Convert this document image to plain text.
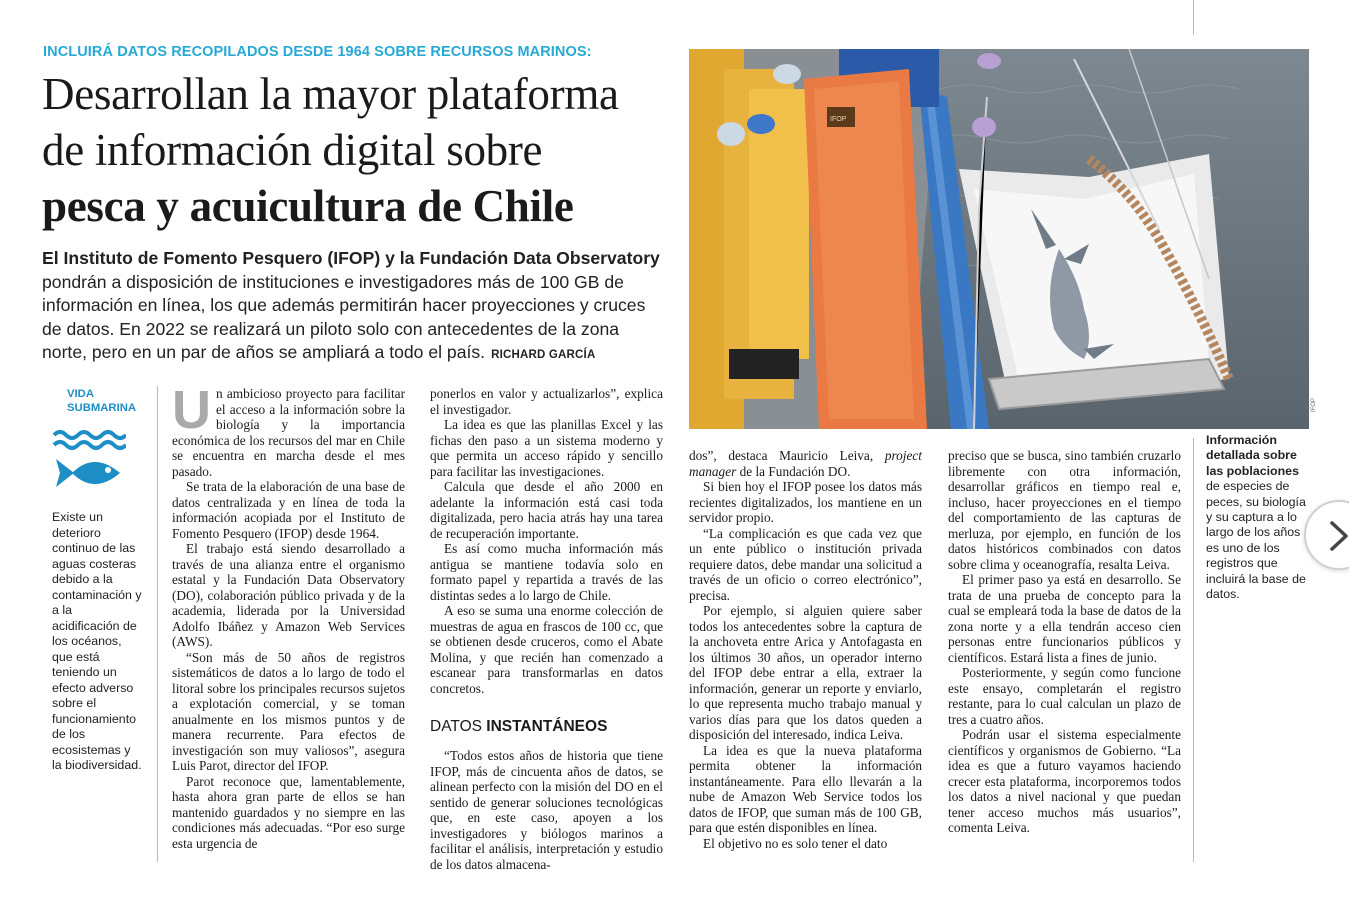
INCLUIRÁ DATOS RECOPILADOS DESDE 1964 SOBRE RECURSOS MARINOS:
Desarrollan la mayor plataforma
de información digital sobre
pesca y acuicultura de Chile
El Instituto de Fomento Pesquero (IFOP) y la Fundación Data Observatory pondrán a disposición de instituciones e investigadores más de 100 GB de información en línea, los que además permitirán hacer proyecciones y cruces de datos. En 2022 se realizará un piloto solo con antecedentes de la zona norte, pero en un par de años se ampliará a todo el país. RICHARD GARCÍA
IFOP
IFOP
Información detallada sobre las poblaciones de especies de peces, su biología y su captura a lo largo de los años es uno de los registros que incluirá la base de datos.
VIDA SUBMARINA
Existe un deterioro continuo de las aguas costeras debido a la contaminación y a la acidificación de los océanos, que está teniendo un efecto adverso sobre el funcionamiento de los ecosistemas y la biodiversidad.

Un ambicioso proyecto para facilitar el acceso a la información sobre la biología y la importancia económica de los recursos del mar en Chile se encuentra en marcha desde el mes pasado.

Se trata de la elaboración de una base de datos centralizada y en línea de toda la información acopiada por el Instituto de Fomento Pesquero (IFOP) desde 1964.

El trabajo está siendo desarrollado a través de una alianza entre el organismo estatal y la Fundación Data Observatory (DO), colaboración público privada y de la academia, liderada por la Universidad Adolfo Ibáñez y Amazon Web Services (AWS).

“Son más de 50 años de registros sistemáticos de datos a lo largo de todo el litoral sobre los principales recursos sujetos a explotación comercial, y se toman anualmente en los mismos puntos y de manera recurrente. Para efectos de investigación son muy valiosos”, asegura Luis Parot, director del IFOP.

Parot reconoce que, lamentablemente, hasta ahora gran parte de ellos se han mantenido guardados y no siempre en las condiciones más adecuadas. “Por eso surge esta urgencia de

ponerlos en valor y actualizarlos”, explica el investigador.

La idea es que las planillas Excel y las fichas den paso a un sistema moderno y que permita un acceso rápido y sencillo para facilitar las investigaciones.

Calcula que desde el año 2000 en adelante la información está casi toda digitalizada, pero hacia atrás hay una tarea de recuperación importante.

Es así como mucha información más antigua se mantiene todavía solo en formato papel y repartida a través de las distintas sedes a lo largo de Chile.

A eso se suma una enorme colección de muestras de agua en frascos de 100 cc, que se obtienen desde cruceros, como el Abate Molina, y que recién han comenzado a escanear para transformarlas en datos concretos.

DATOS INSTANTÁNEOS

“Todos estos años de historia que tiene IFOP, más de cincuenta años de datos, se alinean perfecto con la misión del DO en el sentido de generar soluciones tecnológicas que, en este caso, apoyen a los investigadores y biólogos marinos a facilitar el análisis, interpretación y estudio de los datos almacena-

dos”, destaca Mauricio Leiva, project manager de la Fundación DO.

Si bien hoy el IFOP posee los datos más recientes digitalizados, los mantiene en un servidor propio.

“La complicación es que cada vez que un ente público o institución privada requiere datos, debe mandar una solicitud a través de un oficio o correo electrónico”, precisa.

Por ejemplo, si alguien quiere saber todos los antecedentes sobre la captura de la anchoveta entre Arica y Antofagasta en los últimos 30 años, un operador interno del IFOP debe entrar a ella, extraer la información, generar un reporte y enviarlo, lo que representa mucho trabajo manual y varios días para que los datos queden a disposición del interesado, indica Leiva.

La idea es que la nueva plataforma permita obtener la información instantáneamente. Para ello llevarán a la nube de Amazon Web Service todos los datos de IFOP, que suman más de 100 GB, para que estén disponibles en línea.

El objetivo no es solo tener el dato

preciso que se busca, sino también cruzarlo libremente con otra información, desarrollar gráficos en tiempo real e, incluso, hacer proyecciones en el tiempo del comportamiento de las capturas de merluza, por ejemplo, en función de los datos históricos combinados con datos sobre clima y oceanografía, resalta Leiva.

El primer paso ya está en desarrollo. Se trata de una prueba de concepto para la cual se empleará toda la base de datos de la zona norte y a ella tendrán acceso cien personas entre funcionarios públicos y científicos. Estará lista a fines de junio.

Posteriormente, y según como funcione este ensayo, completarán el registro restante, para lo cual calculan un plazo de tres a cuatro años.

Podrán usar el sistema especialmente científicos y organismos de Gobierno. “La idea es que a futuro vayamos haciendo crecer esta plataforma, incorporemos todos los datos a nivel nacional y que puedan tener acceso muchos más usuarios”, comenta Leiva.
